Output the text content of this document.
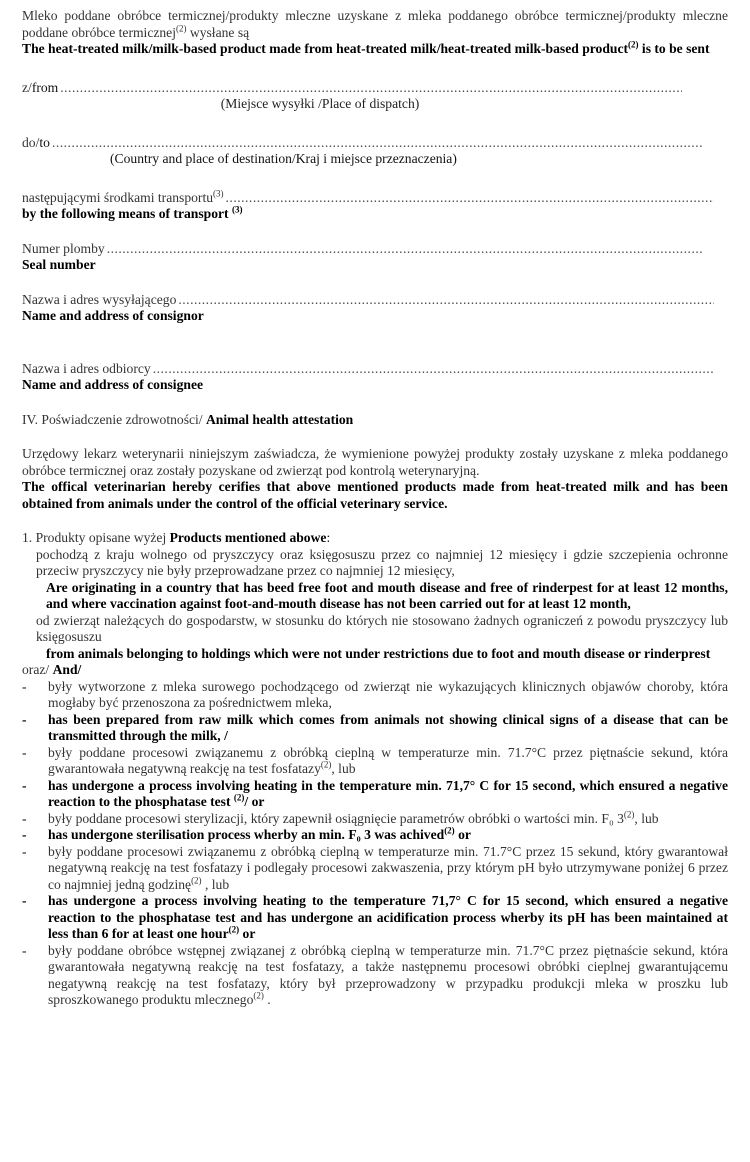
Mleko poddane obróbce termicznej/produkty mleczne uzyskane z mleka poddanego obróbce termicznej/produkty mleczne poddane obróbce termicznej$^{(2)}$ wysłane są

The heat-treated milk/milk-based product made from heat-treated milk/heat-treated milk-based product$^{(2)}$ is to be sent

z/ from
.....

(Miejsce wysyłki /Place of dispatch)

do/ to
.....

(Country and place of destination/Kraj i miejsce przeznaczenia)

następującymi środkami transportu$^{(3)}$
.....

by the following means of transport $^{(3)}$

Numer plomby
.....

Seal number

Nazwa i adres wysyłającego
.....

Name and address of consignor

Nazwa i adres odbiorcy
.....

Name and address of consignee

IV. Poświadczenie zdrowotności/ Animal health attestation

Urzędowy lekarz weterynarii niniejszym zaświadcza, że wymienione powyżej produkty zostały uzyskane z mleka poddanego obróbce termicznej oraz zostały pozyskane od zwierząt pod kontrolą weterynaryjną.

The offical veterinarian hereby cerifies that above mentioned products made from heat-treated milk and has been obtained from animals under the control of the official veterinary service.

1. Produkty opisane wyżej Products mentioned abowe:

pochodzą z kraju wolnego od pryszczycy oraz księgosuszu przez co najmniej 12 miesięcy i gdzie szczepienia ochronne przeciw pryszczycy nie były przeprowadzane przez co najmniej 12 miesięcy,

Are originating in a country that has beed free foot and mouth disease and free of rinderpest for at least 12 months, and where vaccination against foot-and-mouth disease has not been carried out for at least 12 month,

od zwierząt należących do gospodarstw, w stosunku do których nie stosowano żadnych ograniczeń z powodu pryszczycy lub księgosuszu

from animals belonging to holdings which were not under restrictions due to foot and mouth disease or rinderprest

oraz/ And/

-	były wytworzone z mleka surowego pochodzącego od zwierząt nie wykazujących klinicznych objawów choroby, która mogłaby być przenoszona za pośrednictwem mleka,

-	has been prepared from raw milk which comes from animals not showing clinical signs of a disease that can be transmitted through the milk, /

-	były poddane procesowi związanemu z obróbką cieplną w temperaturze min. 71.7°C przez piętnaście sekund, która gwarantowała negatywną reakcję na test fosfatazy$^{(2)}$, lub

-	has undergone a process involving heating in the temperature min. 71,7° C for 15 second, which ensured a negative reaction to the phosphatase test $^{(2)}$/ or

-	były poddane procesowi sterylizacji, który zapewnił osiągnięcie parametrów obróbki o wartości min. F₀ 3$^{(2)}$, lub

-	has undergone sterilisation process wherby an min. F₀ 3 was achived$^{(2)}$ or

-	były poddane procesowi związanemu z obróbką cieplną w temperaturze min. 71.7°C przez 15 sekund, który gwarantował negatywną reakcję na test fosfatazy i podlegały procesowi zakwaszenia, przy którym pH było utrzymywane poniżej 6 przez co najmniej jedną godzinę$^{(2)}$ , lub

-	has undergone a process involving heating to the temperature 71,7° C for 15 second, which ensured a negative reaction to the phosphatase test and has undergone an acidification process wherby its pH has been maintained at less than 6 for at least one hour$^{(2)}$ or

-	były poddane obróbce wstępnej związanej z obróbką cieplną w temperaturze min. 71.7°C przez piętnaście sekund, która gwarantowała negatywną reakcję na test fosfatazy, a także następnemu procesowi obróbki cieplnej gwarantującemu negatywną reakcję na test fosfatazy, który był przeprowadzony w przypadku produkcji mleka w proszku lub sproszkowanego produktu mlecznego$^{(2)}$ .
